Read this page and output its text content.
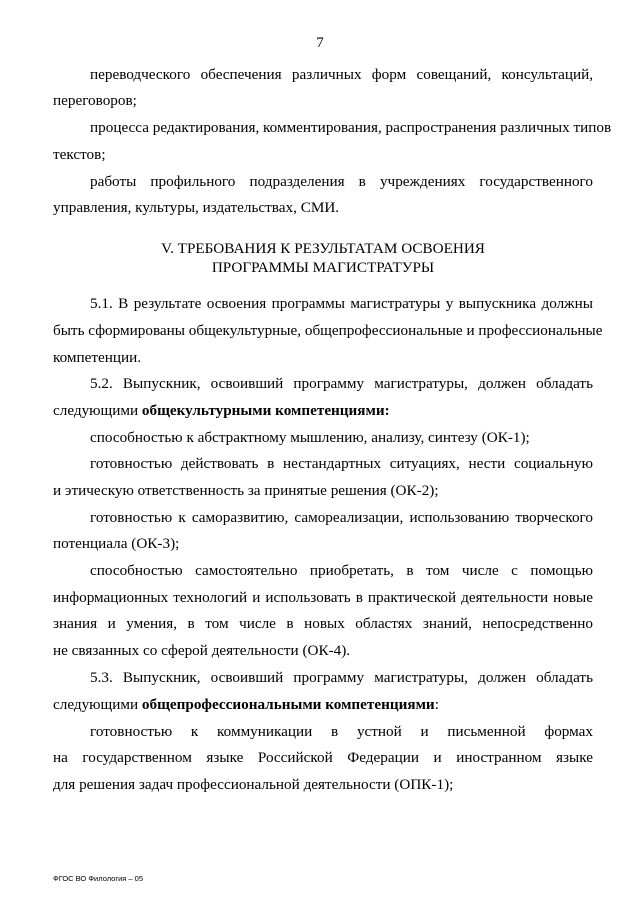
7
переводческого обеспечения различных форм совещаний, консультаций,
переговоров;
процесса редактирования, комментирования, распространения различных типов
текстов;
работы профильного подразделения в учреждениях государственного
управления, культуры, издательствах, СМИ.
V. ТРЕБОВАНИЯ К РЕЗУЛЬТАТАМ ОСВОЕНИЯ
ПРОГРАММЫ МАГИСТРАТУРЫ
5.1. В результате освоения программы магистратуры у выпускника должны
быть сформированы общекультурные, общепрофессиональные и профессиональные
компетенции.
5.2. Выпускник, освоивший программу магистратуры, должен обладать
следующими общекультурными компетенциями:
способностью к абстрактному мышлению, анализу, синтезу (ОК-1);
готовностью действовать в нестандартных ситуациях, нести социальную
и этическую ответственность за принятые решения (ОК-2);
готовностью к саморазвитию, самореализации, использованию творческого
потенциала (ОК-3);
способностью самостоятельно приобретать, в том числе с помощью
информационных технологий и использовать в практической деятельности новые
знания и умения, в том числе в новых областях знаний, непосредственно
не связанных со сферой деятельности (ОК-4).
5.3. Выпускник, освоивший программу магистратуры, должен обладать
следующими общепрофессиональными компетенциями:
готовностью к коммуникации в устной и письменной формах
на государственном языке Российской Федерации и иностранном языке
для решения задач профессиональной деятельности (ОПК-1);
ФГОС ВО Филология – 05
